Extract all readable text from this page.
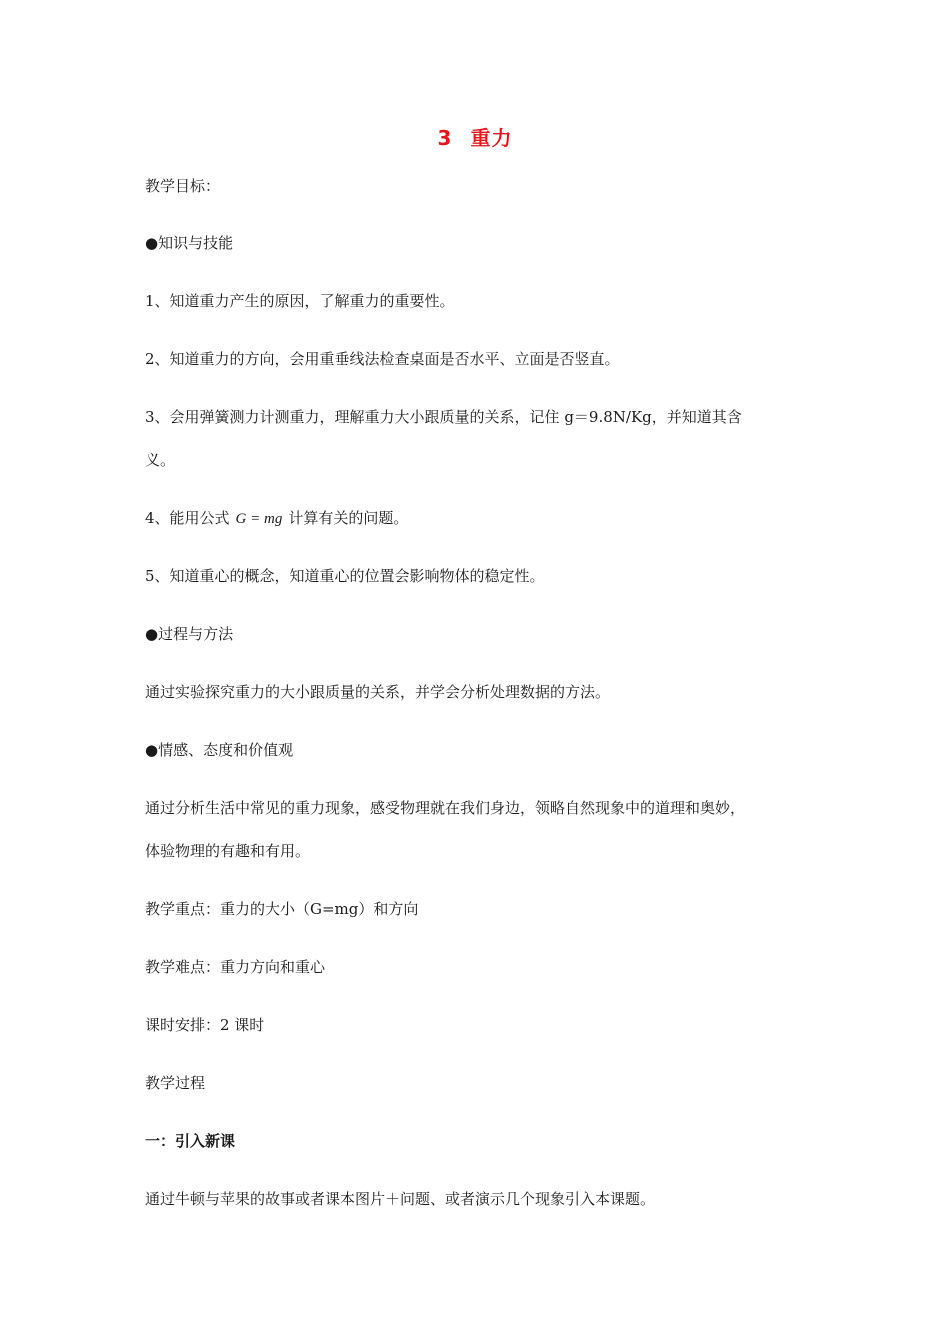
3 重力
教学目标：
●知识与技能
1、知道重力产生的原因，了解重力的重要性。
2、知道重力的方向，会用重垂线法检查桌面是否水平、立面是否竖直。
3、会用弹簧测力计测重力，理解重力大小跟质量的关系，记住 g＝9.8N/Kg，并知道其含
义。
4、能用公式 G = mg 计算有关的问题。
5、知道重心的概念，知道重心的位置会影响物体的稳定性。
●过程与方法
通过实验探究重力的大小跟质量的关系，并学会分析处理数据的方法。
●情感、态度和价值观
通过分析生活中常见的重力现象，感受物理就在我们身边，领略自然现象中的道理和奥妙，
体验物理的有趣和有用。
教学重点：重力的大小（G=mg）和方向
教学难点：重力方向和重心
课时安排：2 课时
教学过程
一：引入新课
通过牛顿与苹果的故事或者课本图片＋问题、或者演示几个现象引入本课题。
